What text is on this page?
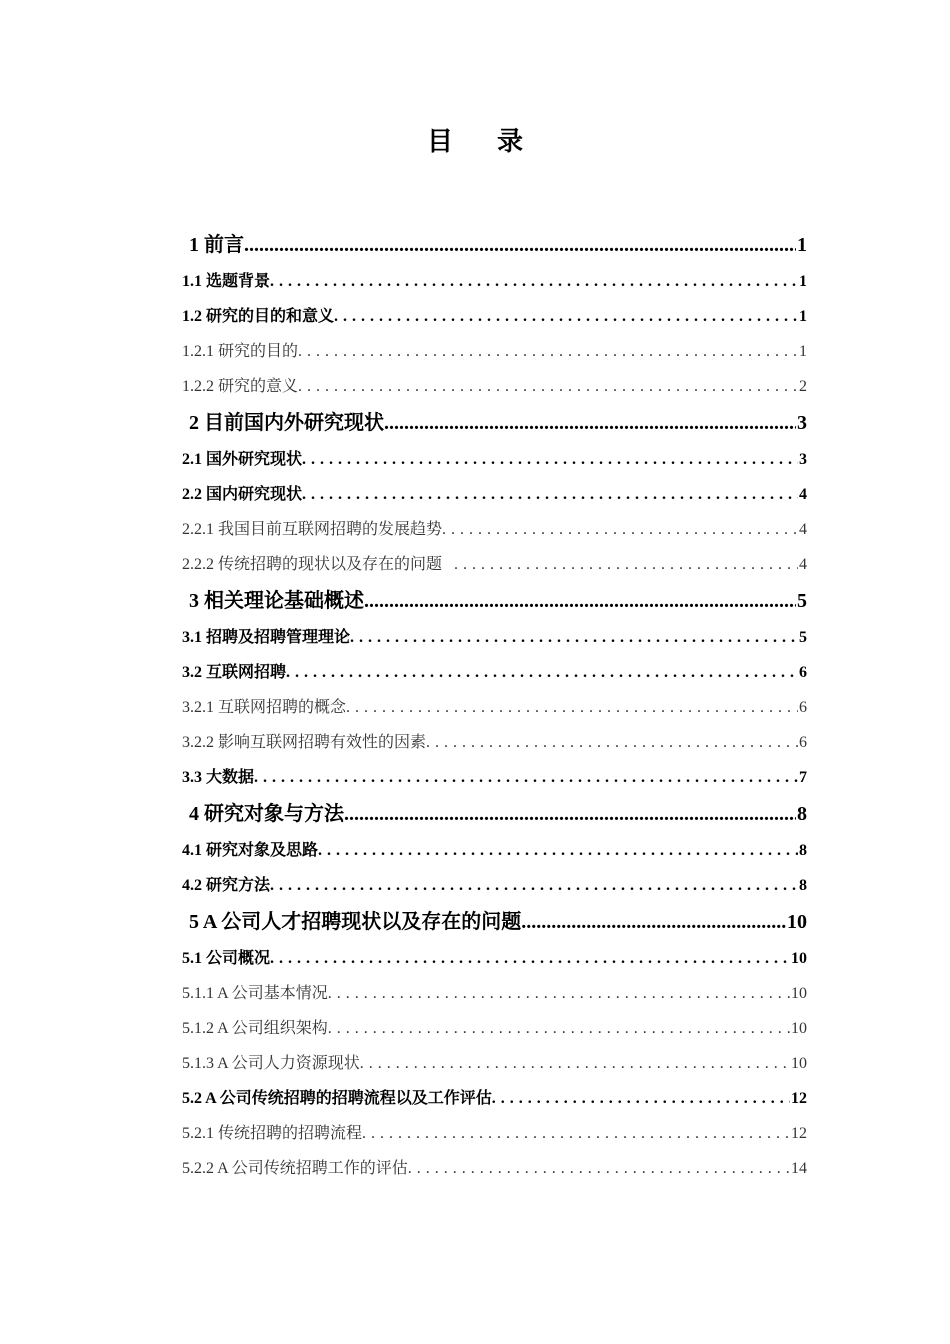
目录
1 前言 .....	1
1.1 选题背景 .....	1
1.2 研究的目的和意义 .....	1
1.2.1 研究的目的 .....	1
1.2.2 研究的意义 .....	2
2 目前国内外研究现状 .....	3
2.1 国外研究现状 .....	3
2.2 国内研究现状 .....	4
2.2.1 我国目前互联网招聘的发展趋势 .....	4
2.2.2 传统招聘的现状以及存在的问题 .....	4
3 相关理论基础概述 .....	5
3.1 招聘及招聘管理理论 .....	5
3.2 互联网招聘 .....	6
3.2.1 互联网招聘的概念 .....	6
3.2.2 影响互联网招聘有效性的因素 .....	6
3.3 大数据 .....	7
4 研究对象与方法 .....	8
4.1 研究对象及思路 .....	8
4.2 研究方法 .....	8
5 A 公司人才招聘现状以及存在的问题 .....	10
5.1 公司概况 .....	10
5.1.1 A 公司基本情况 .....	10
5.1.2 A 公司组织架构 .....	10
5.1.3 A 公司人力资源现状 .....	10
5.2 A 公司传统招聘的招聘流程以及工作评估 .....	12
5.2.1 传统招聘的招聘流程 .....	12
5.2.2 A 公司传统招聘工作的评估 .....	14
